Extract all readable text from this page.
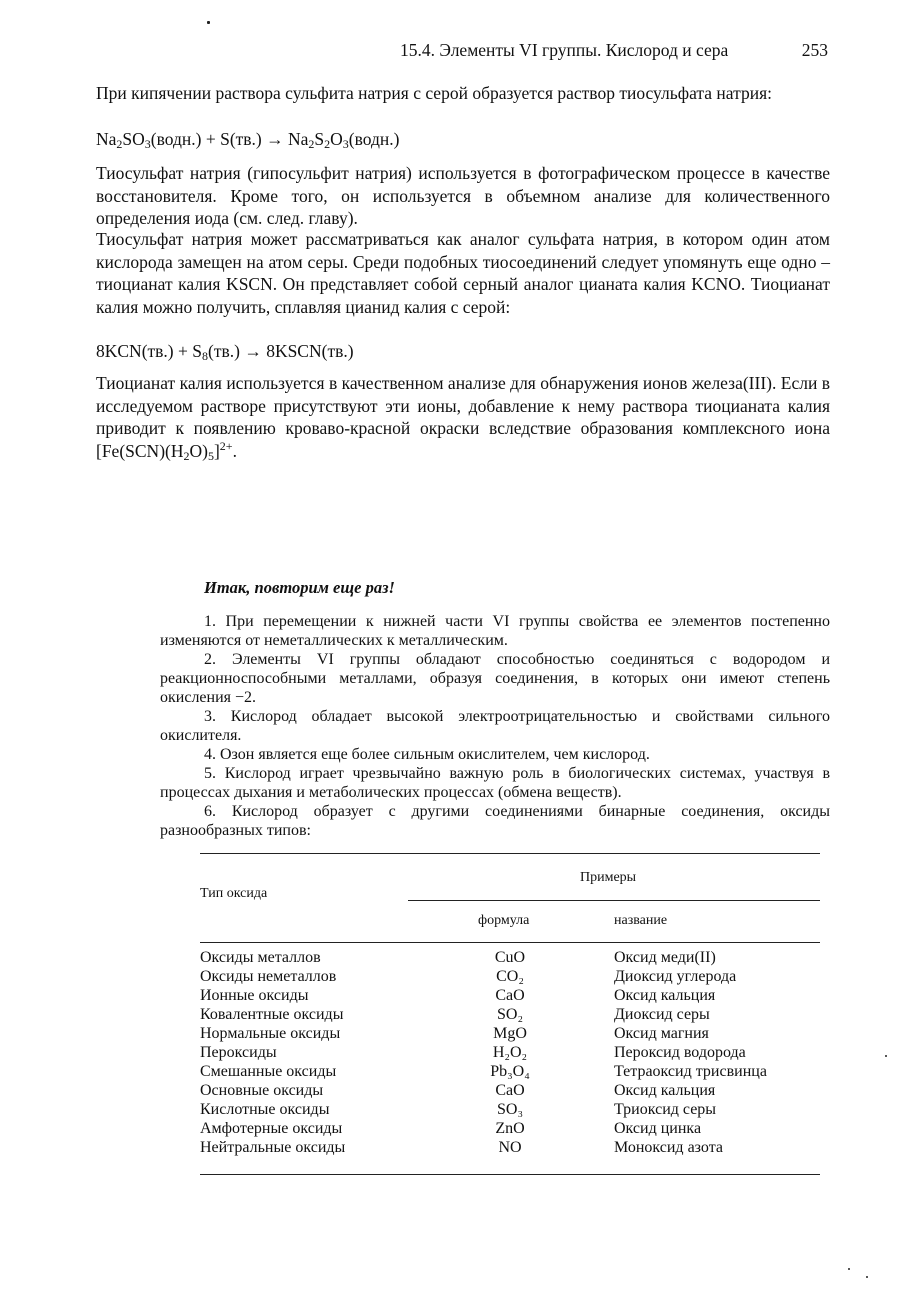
15.4. Элементы VI группы. Кислород и сера	253
При кипячении раствора сульфита натрия с серой образуется раствор тиосульфата натрия:
$Na_2SO_3(водн.) + S(тв.)$ → $Na_2S_2O_3(водн.)$
Тиосульфат натрия (гипосульфит натрия) используется в фотографическом процессе в качестве восстановителя. Кроме того, он используется в объемном анализе для количественного определения иода (см. след. главу).
Тиосульфат натрия может рассматриваться как аналог сульфата натрия, в котором один атом кислорода замещен на атом серы. Среди подобных тиосоединений следует упомянуть еще одно – тиоцианат калия KSCN. Он представляет собой серный аналог цианата калия KCNO. Тиоцианат калия можно получить, сплавляя цианид калия с серой:
$8KCN(тв.) + S_8(тв.)$ → 8KSCN(тв.)
Тиоцианат калия используется в качественном анализе для обнаружения ионов железа(III). Если в исследуемом растворе присутствуют эти ионы, добавление к нему раствора тиоцианата калия приводит к появлению кроваво-красной окраски вследствие образования комплексного иона $[Fe(SCN)(H_2O)_5]^{2+}$.
Итак, повторим еще раз!

1. При перемещении к нижней части VI группы свойства ее элементов постепенно изменяются от неметаллических к металлическим.

2. Элементы VI группы обладают способностью соединяться с водородом и реакционноспособными металлами, образуя соединения, в которых они имеют степень окисления −2.

3. Кислород обладает высокой электроотрицательностью и свойствами сильного окислителя.

4. Озон является еще более сильным окислителем, чем кислород.

5. Кислород играет чрезвычайно важную роль в биологических системах, участвуя в процессах дыхания и метаболических процессах (обмена веществ).

6. Кислород образует с другими соединениями бинарные соединения, оксиды разнообразных типов:

Тип оксида
Примеры
формула	название
Оксиды металлов	CuO	Оксид меди(II)
Оксиды неметаллов	CO₂	Диоксид углерода
Ионные оксиды	CaO	Оксид кальция
Ковалентные оксиды	SO₂	Диоксид серы
Нормальные оксиды	MgO	Оксид магния
Пероксиды	H₂O₂	Пероксид водорода
Смешанные оксиды	Pb₃O₄	Тетраоксид трисвинца
Основные оксиды	CaO	Оксид кальция
Кислотные оксиды	SO₃	Триоксид серы
Амфотерные оксиды	ZnO	Оксид цинка
Нейтральные оксиды	NO	Моноксид азота
